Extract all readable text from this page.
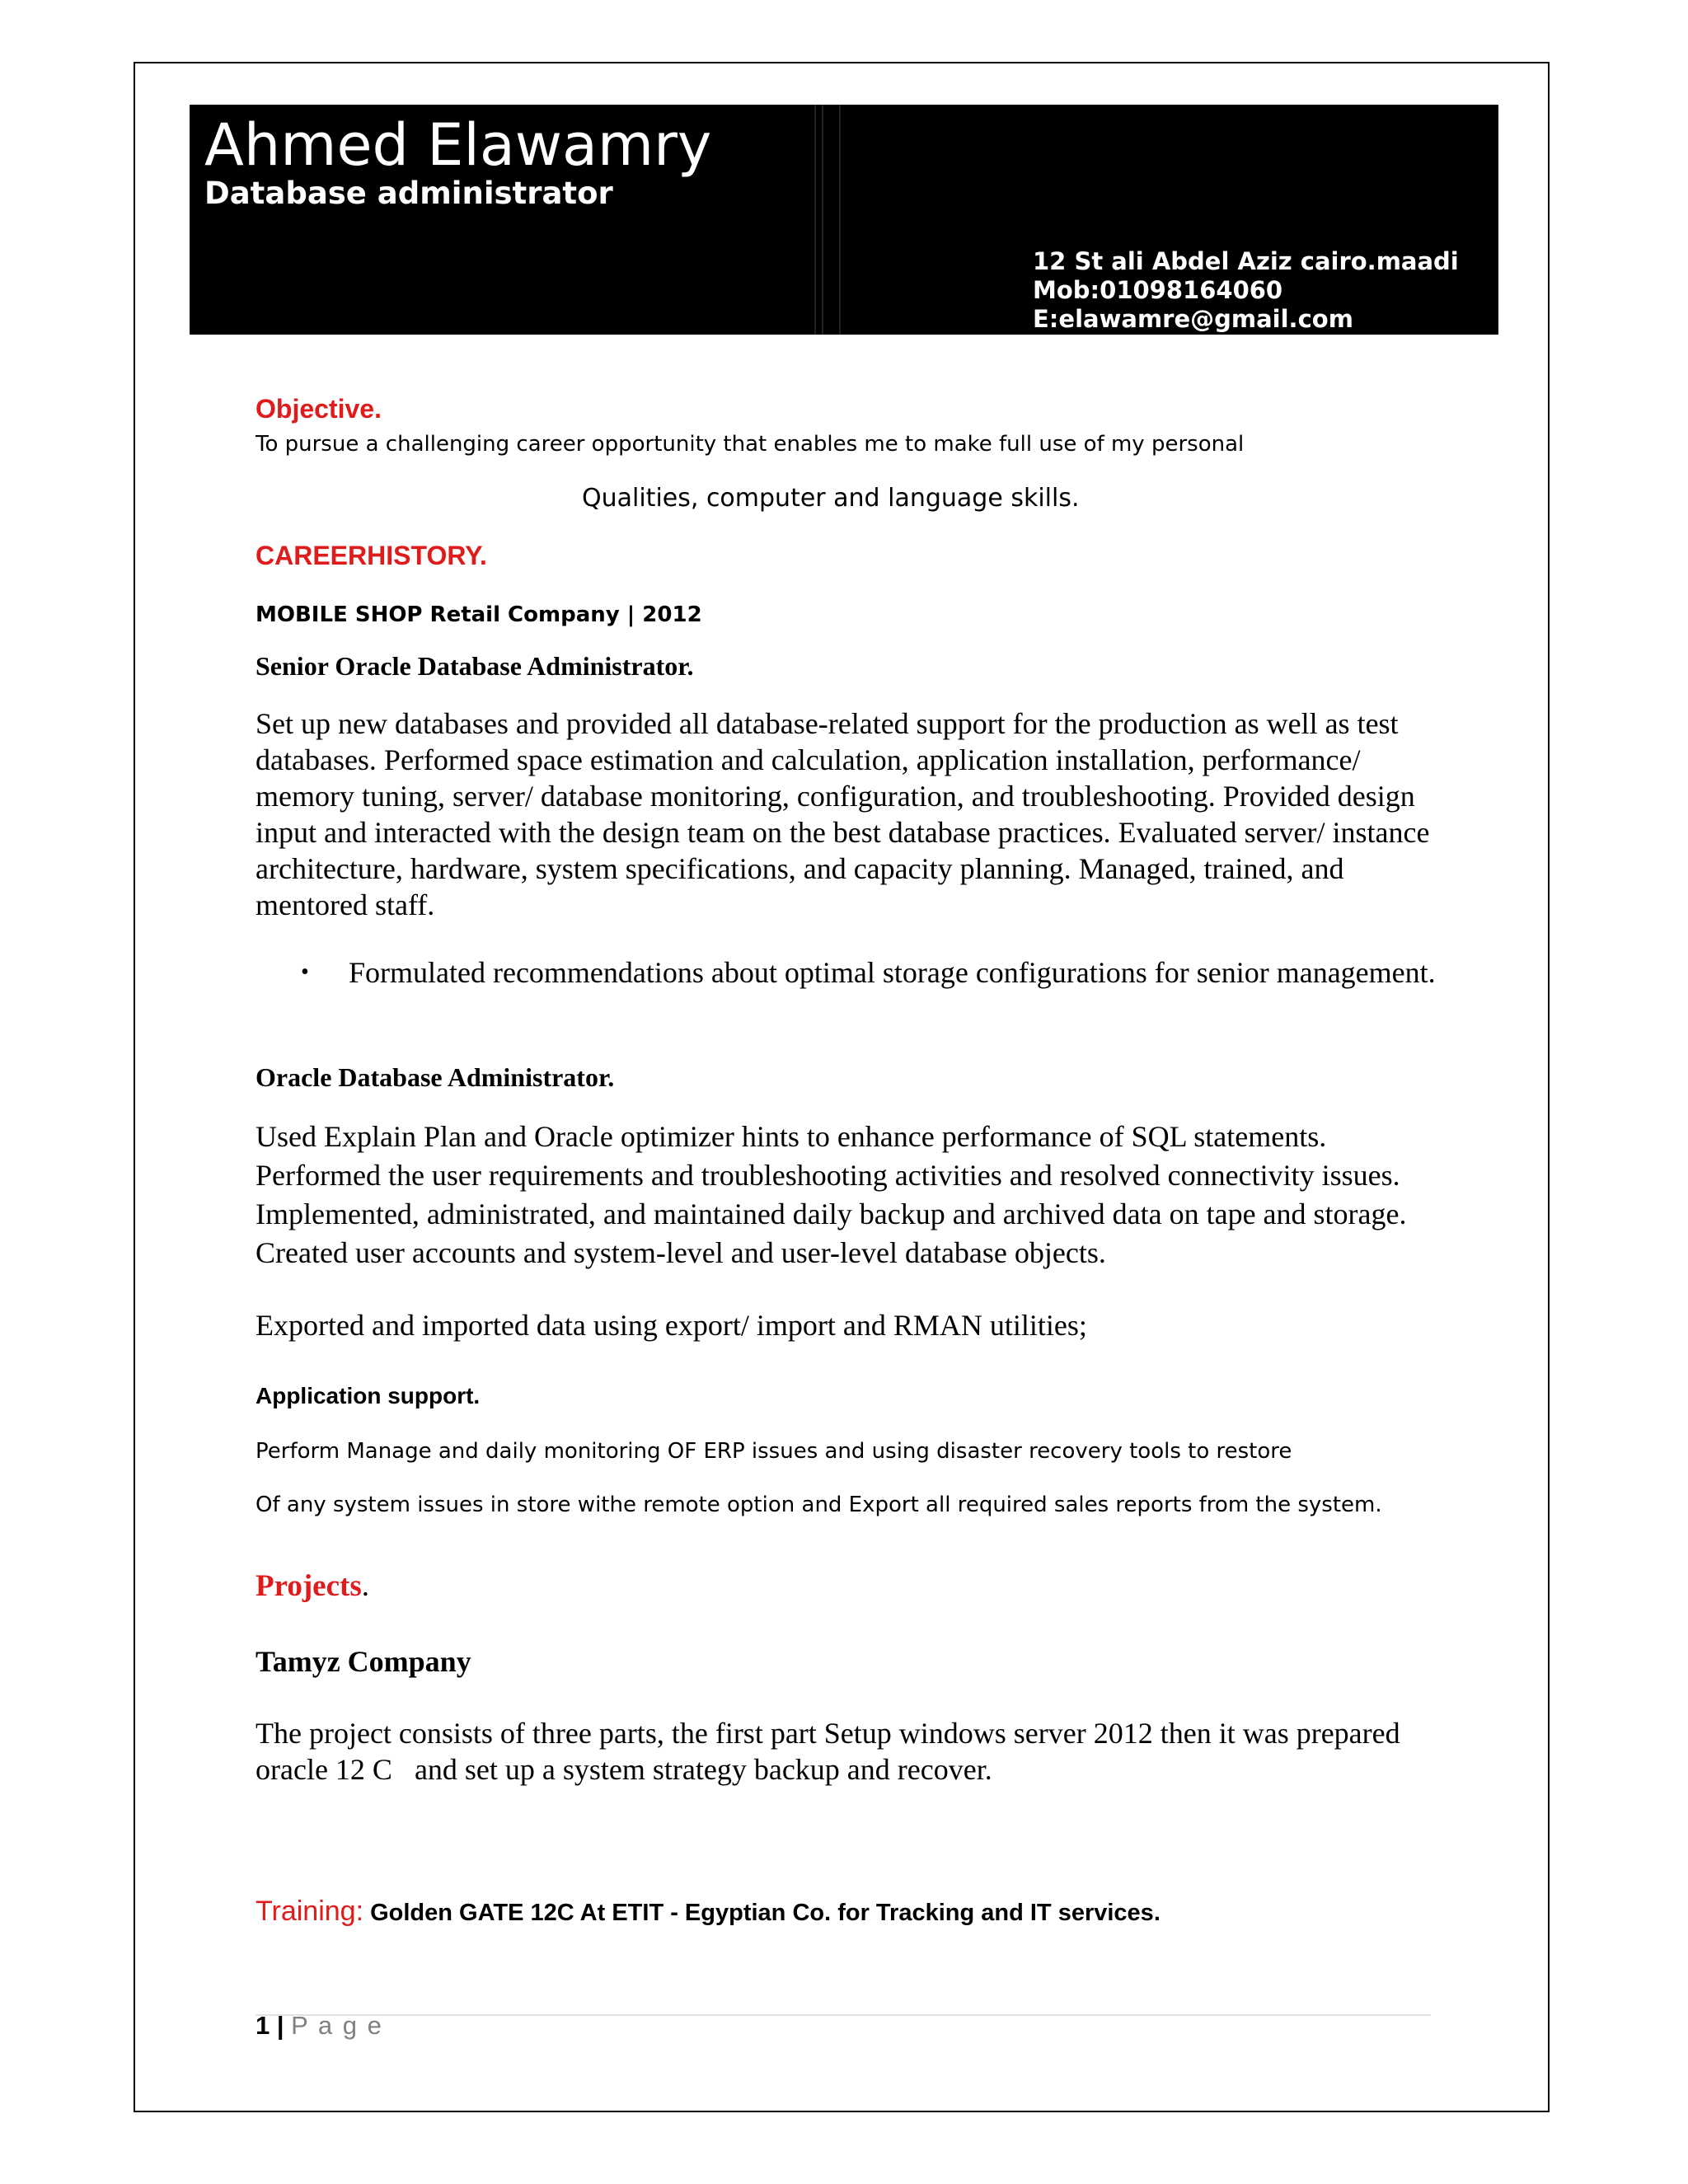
Ahmed Elawamry
Database administrator
12 St ali Abdel Aziz cairo.maadi
Mob:01098164060
E:elawamre@gmail.com
Objective.
To pursue a challenging career opportunity that enables me to make full use of my personal
Qualities, computer and language skills.
CAREERHISTORY.
MOBILE SHOP Retail Company | 2012
Senior Oracle Database Administrator.
Set up new databases and provided all database-related support for the production as well as test databases. Performed space estimation and calculation, application installation, performance/ memory tuning, server/ database monitoring, configuration, and troubleshooting. Provided design input and interacted with the design team on the best database practices. Evaluated server/ instance architecture, hardware, system specifications, and capacity planning. Managed, trained, and mentored staff.
• Formulated recommendations about optimal storage configurations for senior management.
Oracle Database Administrator.
Used Explain Plan and Oracle optimizer hints to enhance performance of SQL statements. Performed the user requirements and troubleshooting activities and resolved connectivity issues. Implemented, administrated, and maintained daily backup and archived data on tape and storage. Created user accounts and system-level and user-level database objects.
Exported and imported data using export/ import and RMAN utilities;
Application support.
Perform Manage and daily monitoring OF ERP issues and using disaster recovery tools to restore
Of any system issues in store withe remote option and Export all required sales reports from the system.
Projects.
Tamyz Company
The project consists of three parts, the first part Setup windows server 2012 then it was prepared oracle 12 C   and set up a system strategy backup and recover.
Training: Golden GATE 12C At ETIT - Egyptian Co. for Tracking and IT services.
1 | P a g e
